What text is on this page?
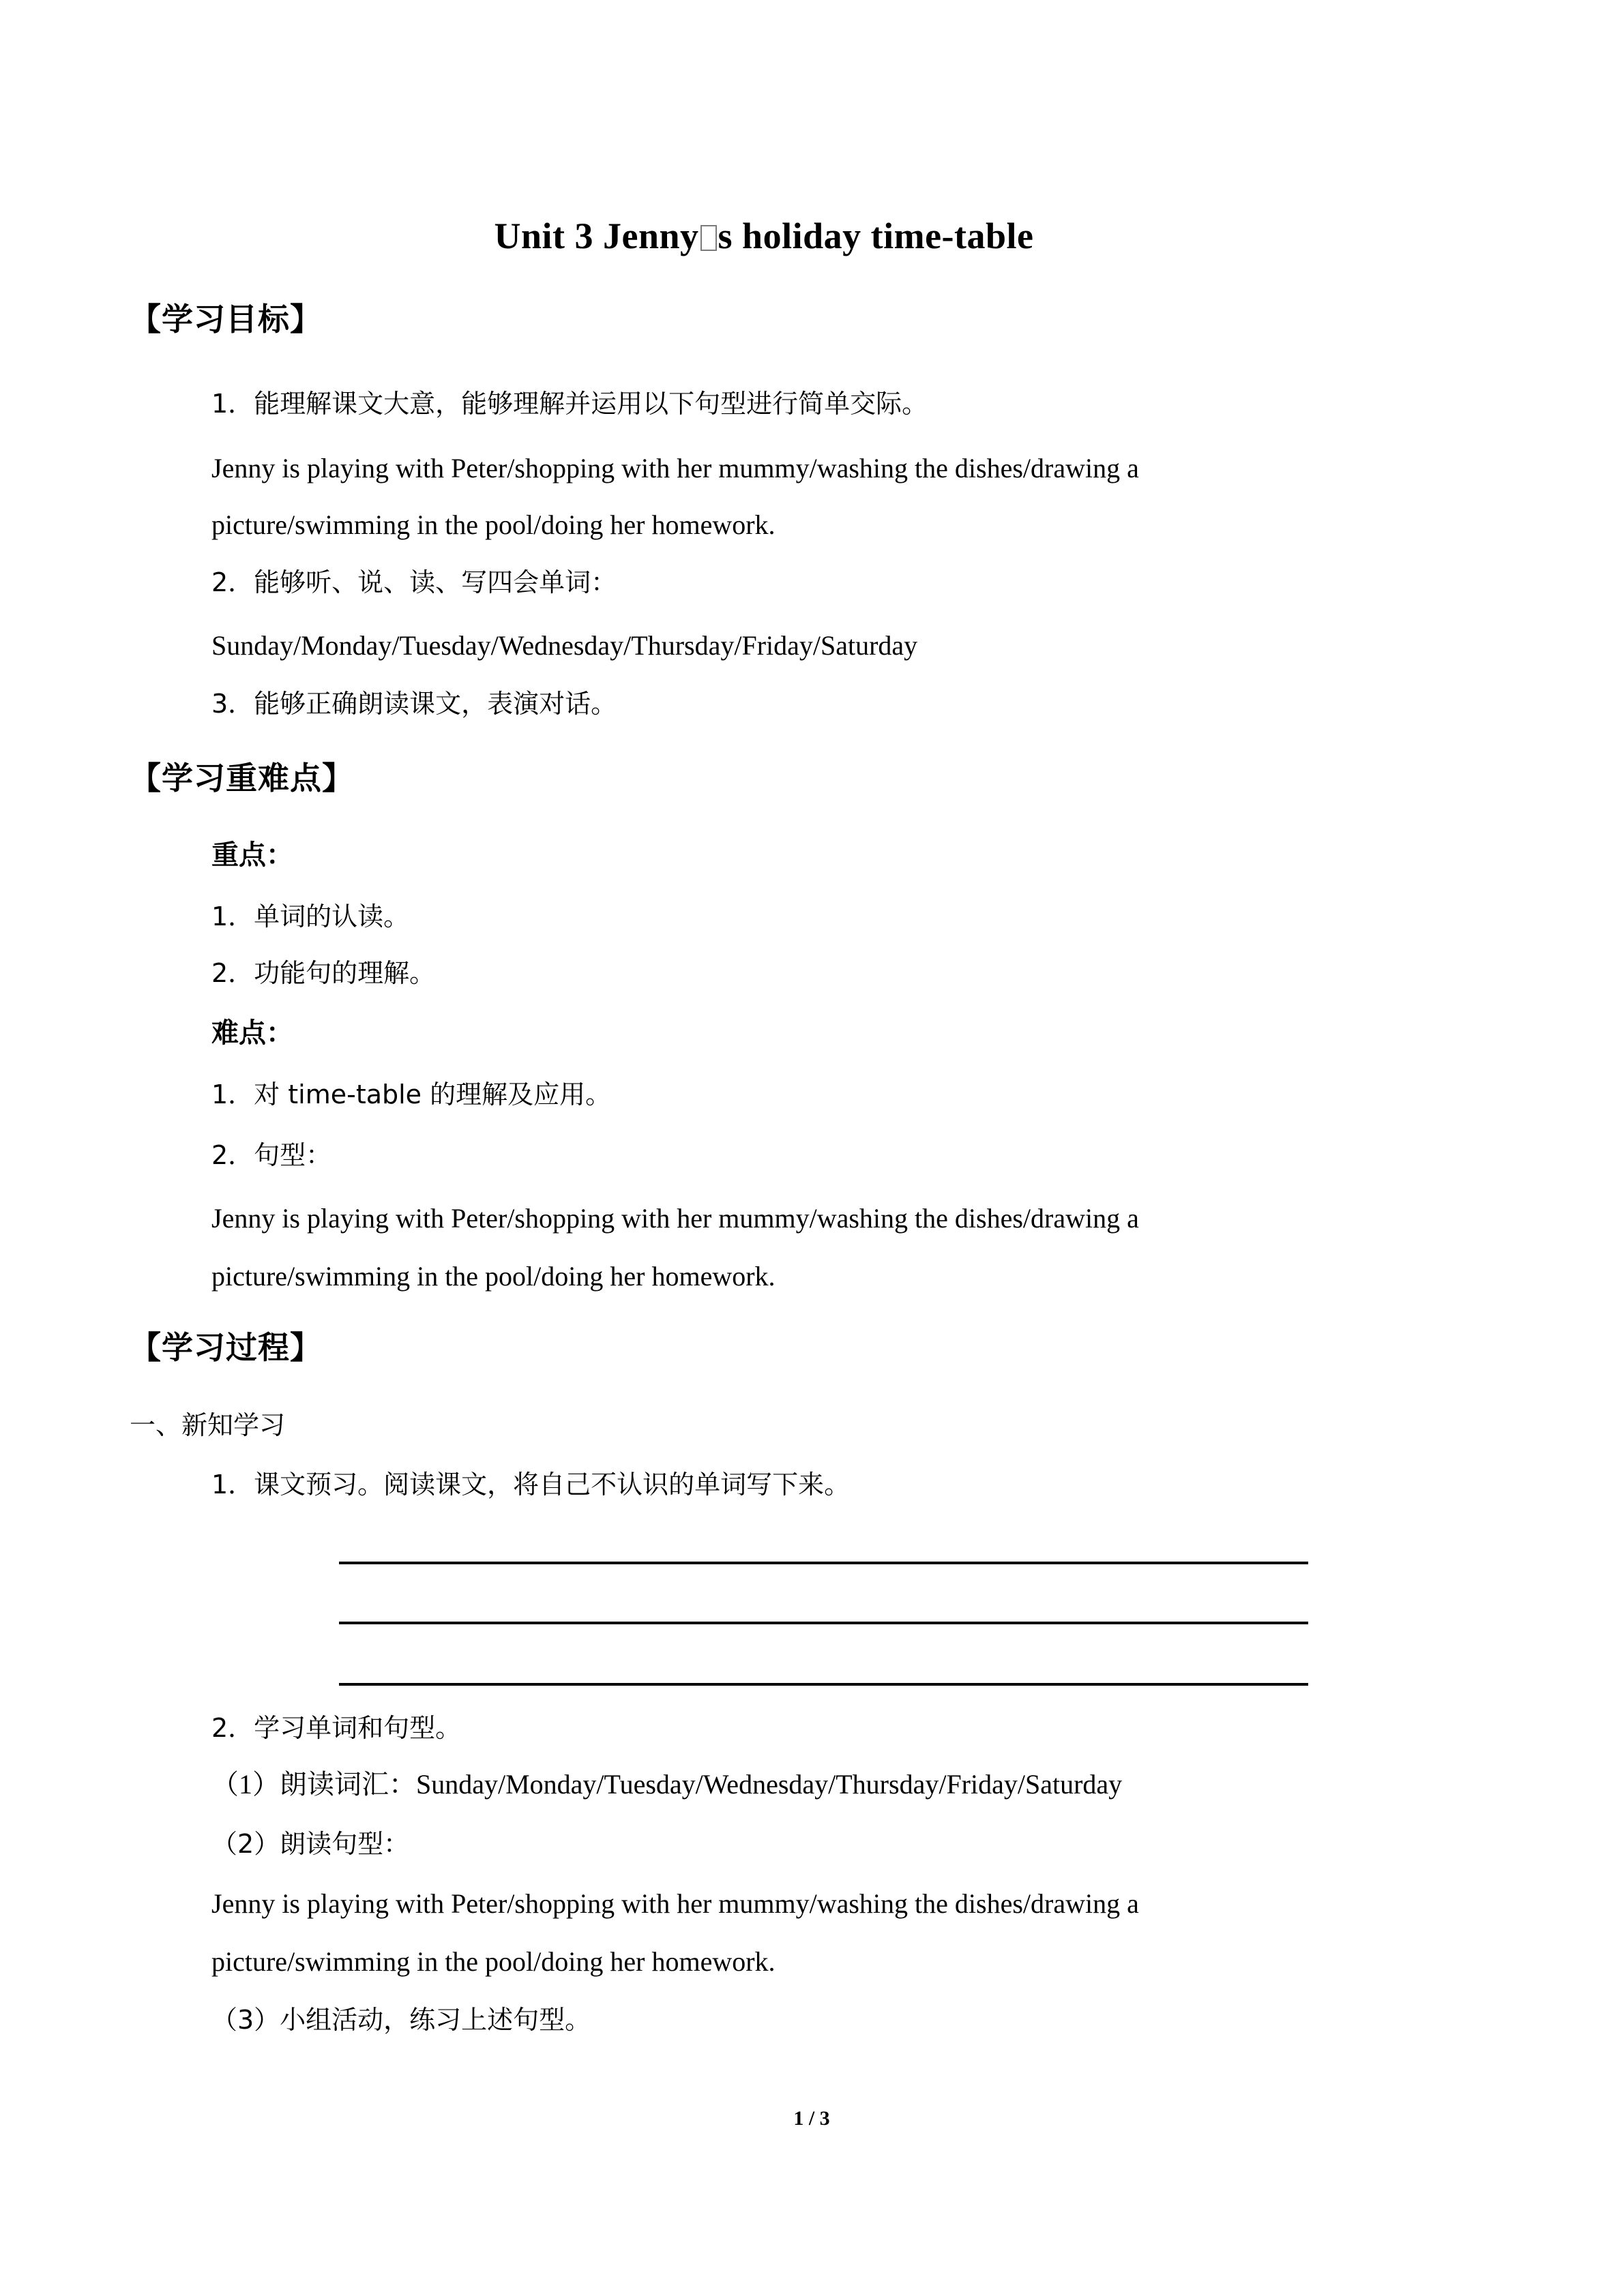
Unit 3 Jenny s holiday time-table
【学习目标】
1．能理解课文大意，能够理解并运用以下句型进行简单交际。
Jenny is playing with Peter/shopping with her mummy/washing the dishes/drawing a
picture/swimming in the pool/doing her homework.
2．能够听、说、读、写四会单词：
Sunday/Monday/Tuesday/Wednesday/Thursday/Friday/Saturday
3．能够正确朗读课文，表演对话。
【学习重难点】
重点：
1．单词的认读。
2．功能句的理解。
难点：
1．对 time-table 的理解及应用。
2．句型：
Jenny is playing with Peter/shopping with her mummy/washing the dishes/drawing a
picture/swimming in the pool/doing her homework.
【学习过程】
一、新知学习
1．课文预习。阅读课文，将自己不认识的单词写下来。
2．学习单词和句型。
（1）朗读词汇：Sunday/Monday/Tuesday/Wednesday/Thursday/Friday/Saturday
（2）朗读句型：
Jenny is playing with Peter/shopping with her mummy/washing the dishes/drawing a
picture/swimming in the pool/doing her homework.
（3）小组活动，练习上述句型。
1 / 3
